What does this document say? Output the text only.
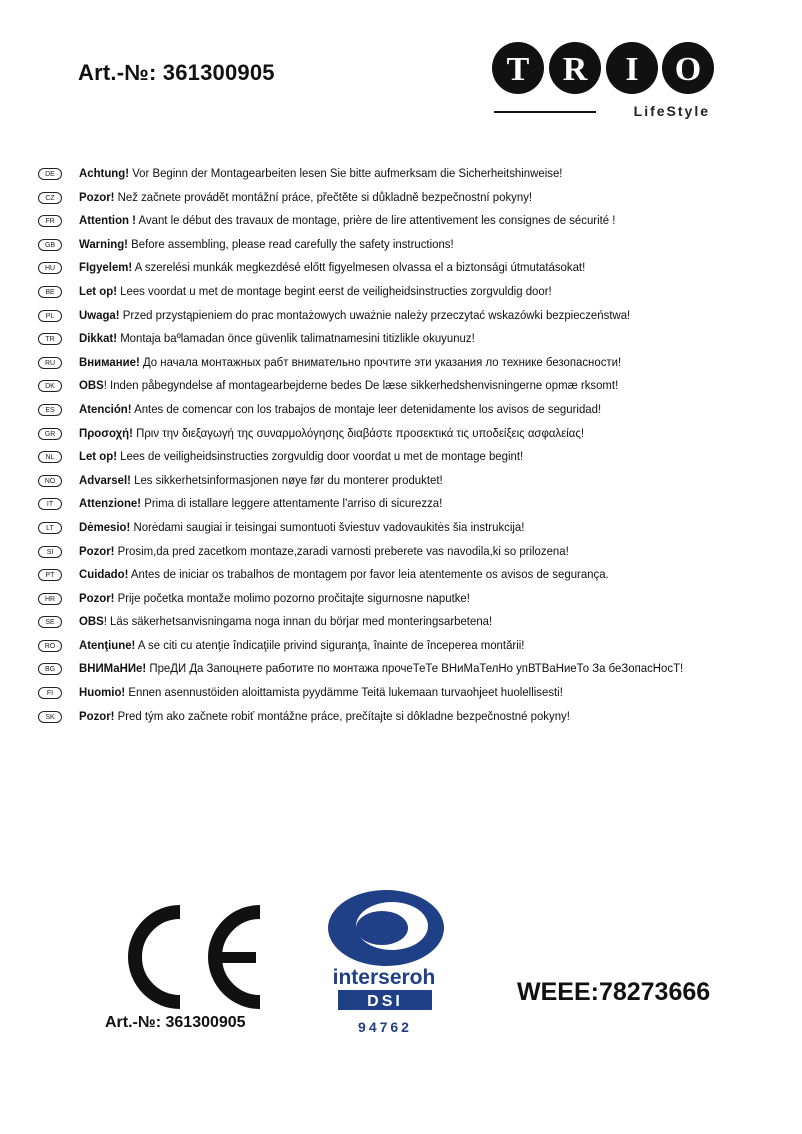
Art.-№: 361300905	T R I O
LifeStyle
DE	Achtung! Vor Beginn der Montagearbeiten lesen Sie bitte aufmerksam die Sicherheitshinweise!
CZ	Pozor! Než začnete provádět montážní práce, přečtěte si důkladně bezpečnostní pokyny!
FR	Attention ! Avant le début des travaux de montage, prière de lire attentivement les consignes de sécurité !
GB	Warning! Before assembling, please read carefully the safety instructions!
HU	FIgyelem! A szerelési munkák megkezdésé előtt figyelmesen olvassa el a biztonsági útmutatásokat!
BE	Let op! Lees voordat u met de montage begint eerst de veiligheidsinstructies zorgvuldig door!
PL	Uwaga! Przed przystąpieniem do prac montażowych uważnie należy przeczytać wskazówki bezpieczeństwa!
TR	Dikkat! Montaja baºlamadan önce güvenlik talimatnamesini titizlikle okuyunuz!
RU	Внимание! До начала монтажных рабт внимательно прочтите эти указания ло технике безопасности!
DK	OBS! Inden påbegyndelse af montagearbejderne bedes De læse sikkerhedshenvisningerne opmæ rksomt!
ES	Atención! Antes de comencar con los trabajos de montaje leer detenidamente los avisos de seguridad!
GR	Προσοχή! Πριν την διεξαγωγή της συναρμολόγησης διαβάστε προσεκτικά τις υποδείξεις ασφαλείας!
NL	Let op! Lees de veiligheidsinstructies zorgvuldig door voordat u met de montage begint!
NO	Advarsel! Les sikkerhetsinformasjonen nøye før du monterer produktet!
IT	Attenzione! Prima di istallare leggere attentamente l'arriso di sicurezza!
LT	Dėmesio! Norėdami saugiai ir teisingai sumontuoti šviestuv vadovaukitės šia instrukcija!
SI	Pozor! Prosim,da pred zacetkom montaze,zaradi varnosti preberete vas navodila,ki so prilozena!
PT	Cuidado! Antes de iniciar os trabalhos de montagem por favor leia atentemente os avisos de segurança.
HR	Pozor! Prije početka montaže molimo pozorno pročitajte sigurnosne naputke!
SE	OBS! Läs säkerhetsanvisningama noga innan du börjar med monteringsarbetena!
RO	Atenţiune! A se citi cu atenţie îndicaţiile privind siguranţa, înainte de începerea montării!
BG	ВНИМаНИе! ПреДИ Да Запоцнете работите по монтажа прочеТеТе ВНиМаТелНо упВТВаНиеТо За беЗопасНосТ!
FI	Huomio! Ennen asennustöiden aloittamista pyydämme Teitä lukemaan turvaohjeet huolellisesti!
SK	Pozor! Pred tým ako začnete robiť montážne práce, prečítajte si dôkladne bezpečnostné pokyny!
Art.-№: 361300905
interseroh
DSI
94762
WEEE:78273666
